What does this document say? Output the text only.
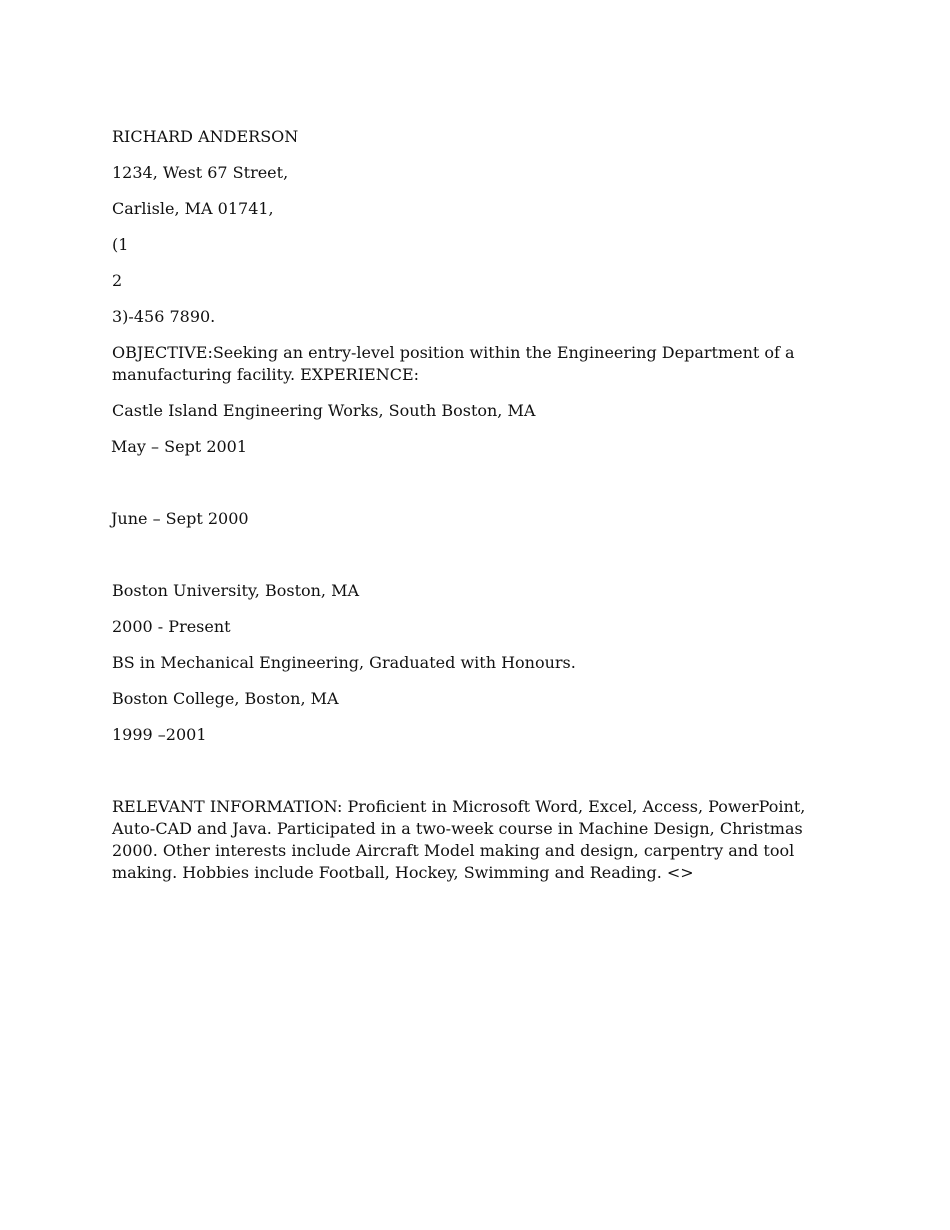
RICHARD ANDERSON

1234, West 67 Street,

Carlisle, MA 01741,

(1

2

3)-456 7890.

OBJECTIVE:Seeking an entry-level position within the Engineering Department of a manufacturing facility. EXPERIENCE:

Castle Island Engineering Works, South Boston, MA

May – Sept 2001

June – Sept 2000

Boston University, Boston, MA

2000 - Present

BS in Mechanical Engineering, Graduated with Honours.

Boston College, Boston, MA

1999 –2001

RELEVANT INFORMATION: Proficient in Microsoft Word, Excel, Access, PowerPoint, Auto-CAD and Java. Participated in a two-week course in Machine Design, Christmas 2000. Other interests include Aircraft Model making and design, carpentry and tool making. Hobbies include Football, Hockey, Swimming and Reading. <>
